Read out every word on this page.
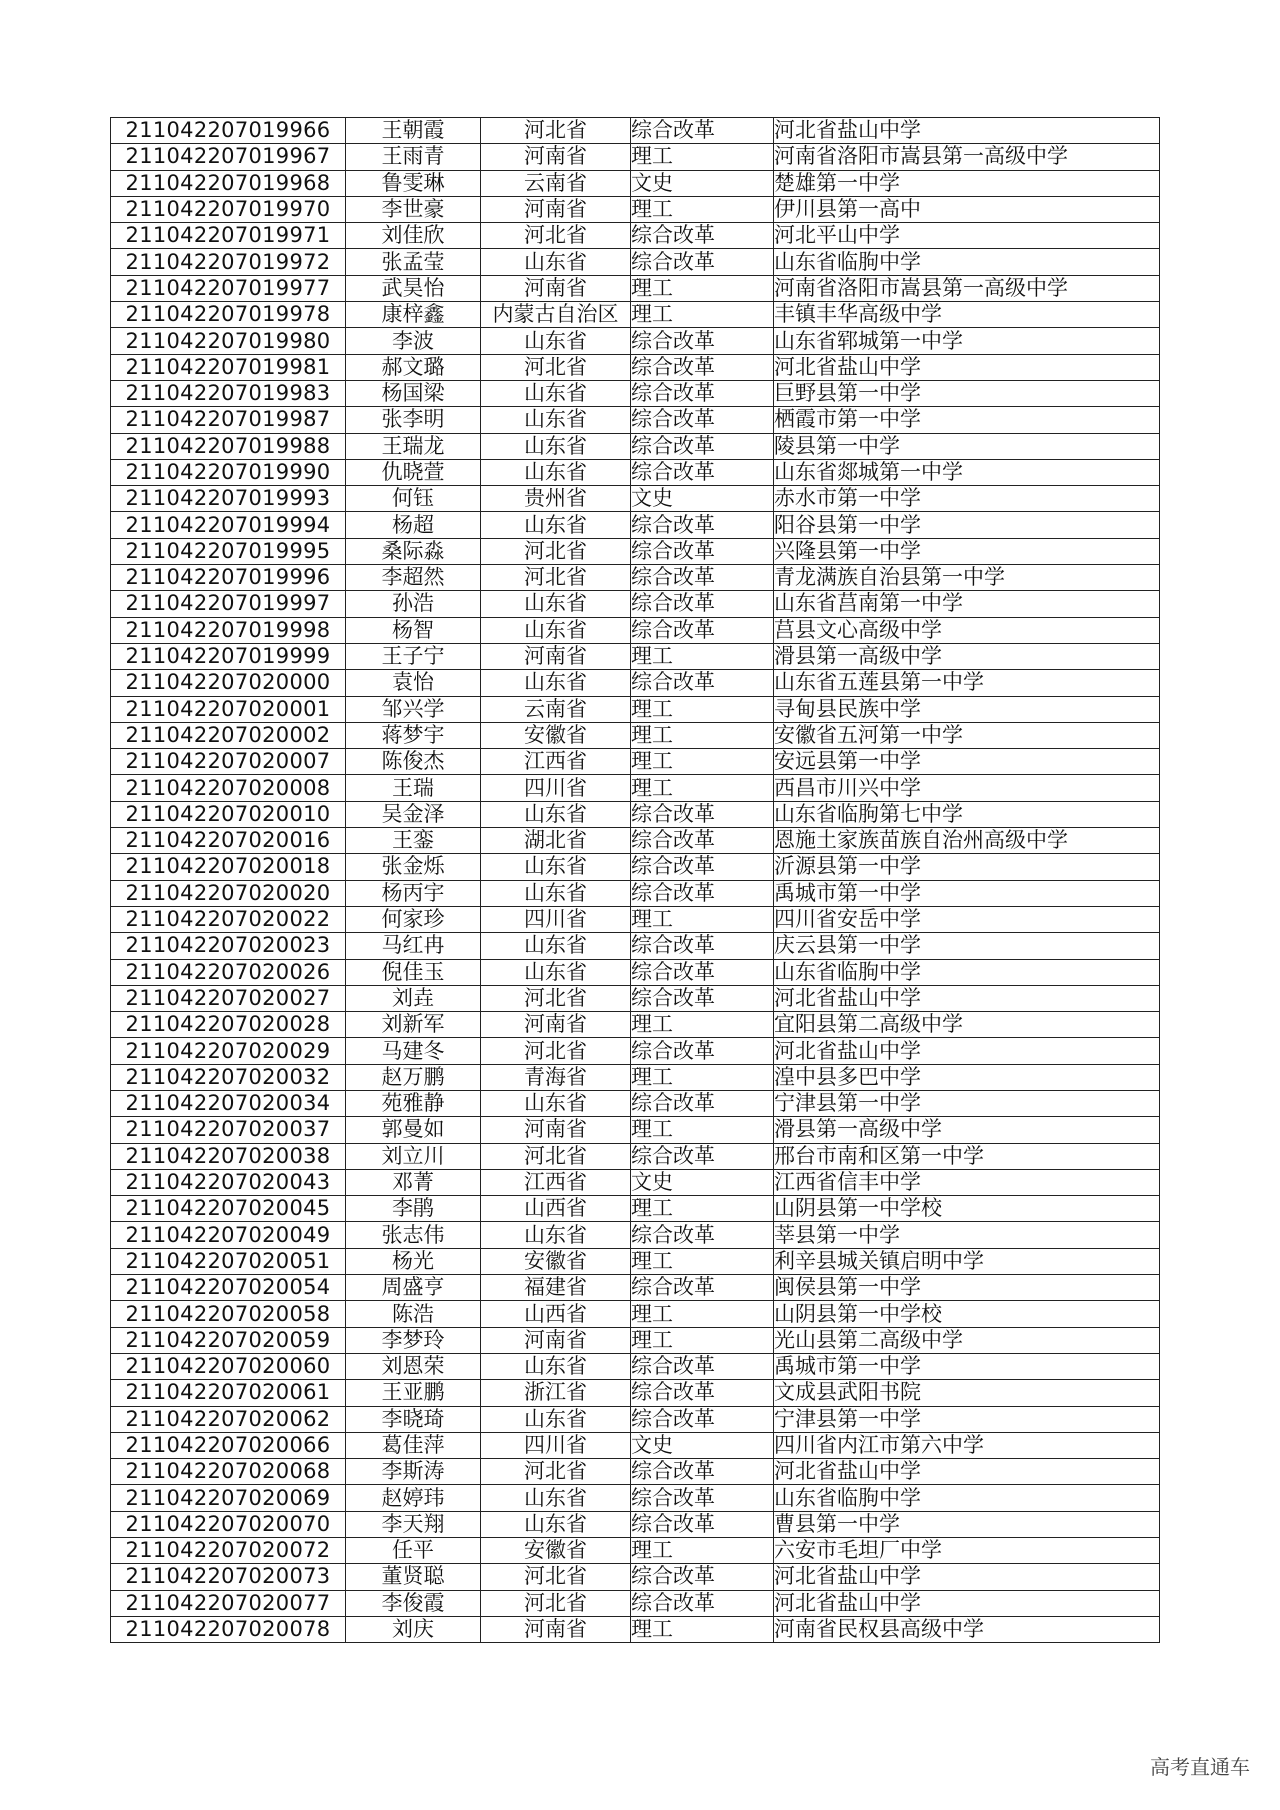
211042207019966	王朝霞	河北省	综合改革	河北省盐山中学
211042207019967	王雨青	河南省	理工	河南省洛阳市嵩县第一高级中学
211042207019968	鲁雯琳	云南省	文史	楚雄第一中学
211042207019970	李世豪	河南省	理工	伊川县第一高中
211042207019971	刘佳欣	河北省	综合改革	河北平山中学
211042207019972	张孟莹	山东省	综合改革	山东省临朐中学
211042207019977	武昊怡	河南省	理工	河南省洛阳市嵩县第一高级中学
211042207019978	康梓鑫	内蒙古自治区	理工	丰镇丰华高级中学
211042207019980	李波	山东省	综合改革	山东省郓城第一中学
211042207019981	郝文璐	河北省	综合改革	河北省盐山中学
211042207019983	杨国梁	山东省	综合改革	巨野县第一中学
211042207019987	张李明	山东省	综合改革	栖霞市第一中学
211042207019988	王瑞龙	山东省	综合改革	陵县第一中学
211042207019990	仇晓萱	山东省	综合改革	山东省郯城第一中学
211042207019993	何钰	贵州省	文史	赤水市第一中学
211042207019994	杨超	山东省	综合改革	阳谷县第一中学
211042207019995	桑际淼	河北省	综合改革	兴隆县第一中学
211042207019996	李超然	河北省	综合改革	青龙满族自治县第一中学
211042207019997	孙浩	山东省	综合改革	山东省莒南第一中学
211042207019998	杨智	山东省	综合改革	莒县文心高级中学
211042207019999	王子宁	河南省	理工	滑县第一高级中学
211042207020000	袁怡	山东省	综合改革	山东省五莲县第一中学
211042207020001	邹兴学	云南省	理工	寻甸县民族中学
211042207020002	蒋梦宇	安徽省	理工	安徽省五河第一中学
211042207020007	陈俊杰	江西省	理工	安远县第一中学
211042207020008	王瑞	四川省	理工	西昌市川兴中学
211042207020010	吴金泽	山东省	综合改革	山东省临朐第七中学
211042207020016	王銮	湖北省	综合改革	恩施土家族苗族自治州高级中学
211042207020018	张金烁	山东省	综合改革	沂源县第一中学
211042207020020	杨丙宇	山东省	综合改革	禹城市第一中学
211042207020022	何家珍	四川省	理工	四川省安岳中学
211042207020023	马红冉	山东省	综合改革	庆云县第一中学
211042207020026	倪佳玉	山东省	综合改革	山东省临朐中学
211042207020027	刘垚	河北省	综合改革	河北省盐山中学
211042207020028	刘新军	河南省	理工	宜阳县第二高级中学
211042207020029	马建冬	河北省	综合改革	河北省盐山中学
211042207020032	赵万鹏	青海省	理工	湟中县多巴中学
211042207020034	苑雅静	山东省	综合改革	宁津县第一中学
211042207020037	郭曼如	河南省	理工	滑县第一高级中学
211042207020038	刘立川	河北省	综合改革	邢台市南和区第一中学
211042207020043	邓菁	江西省	文史	江西省信丰中学
211042207020045	李鹃	山西省	理工	山阴县第一中学校
211042207020049	张志伟	山东省	综合改革	莘县第一中学
211042207020051	杨光	安徽省	理工	利辛县城关镇启明中学
211042207020054	周盛亨	福建省	综合改革	闽侯县第一中学
211042207020058	陈浩	山西省	理工	山阴县第一中学校
211042207020059	李梦玲	河南省	理工	光山县第二高级中学
211042207020060	刘恩荣	山东省	综合改革	禹城市第一中学
211042207020061	王亚鹏	浙江省	综合改革	文成县武阳书院
211042207020062	李晓琦	山东省	综合改革	宁津县第一中学
211042207020066	葛佳萍	四川省	文史	四川省内江市第六中学
211042207020068	李斯涛	河北省	综合改革	河北省盐山中学
211042207020069	赵婷玮	山东省	综合改革	山东省临朐中学
211042207020070	李天翔	山东省	综合改革	曹县第一中学
211042207020072	任平	安徽省	理工	六安市毛坦厂中学
211042207020073	董贤聪	河北省	综合改革	河北省盐山中学
211042207020077	李俊霞	河北省	综合改革	河北省盐山中学
211042207020078	刘庆	河南省	理工	河南省民权县高级中学
高考直通车
